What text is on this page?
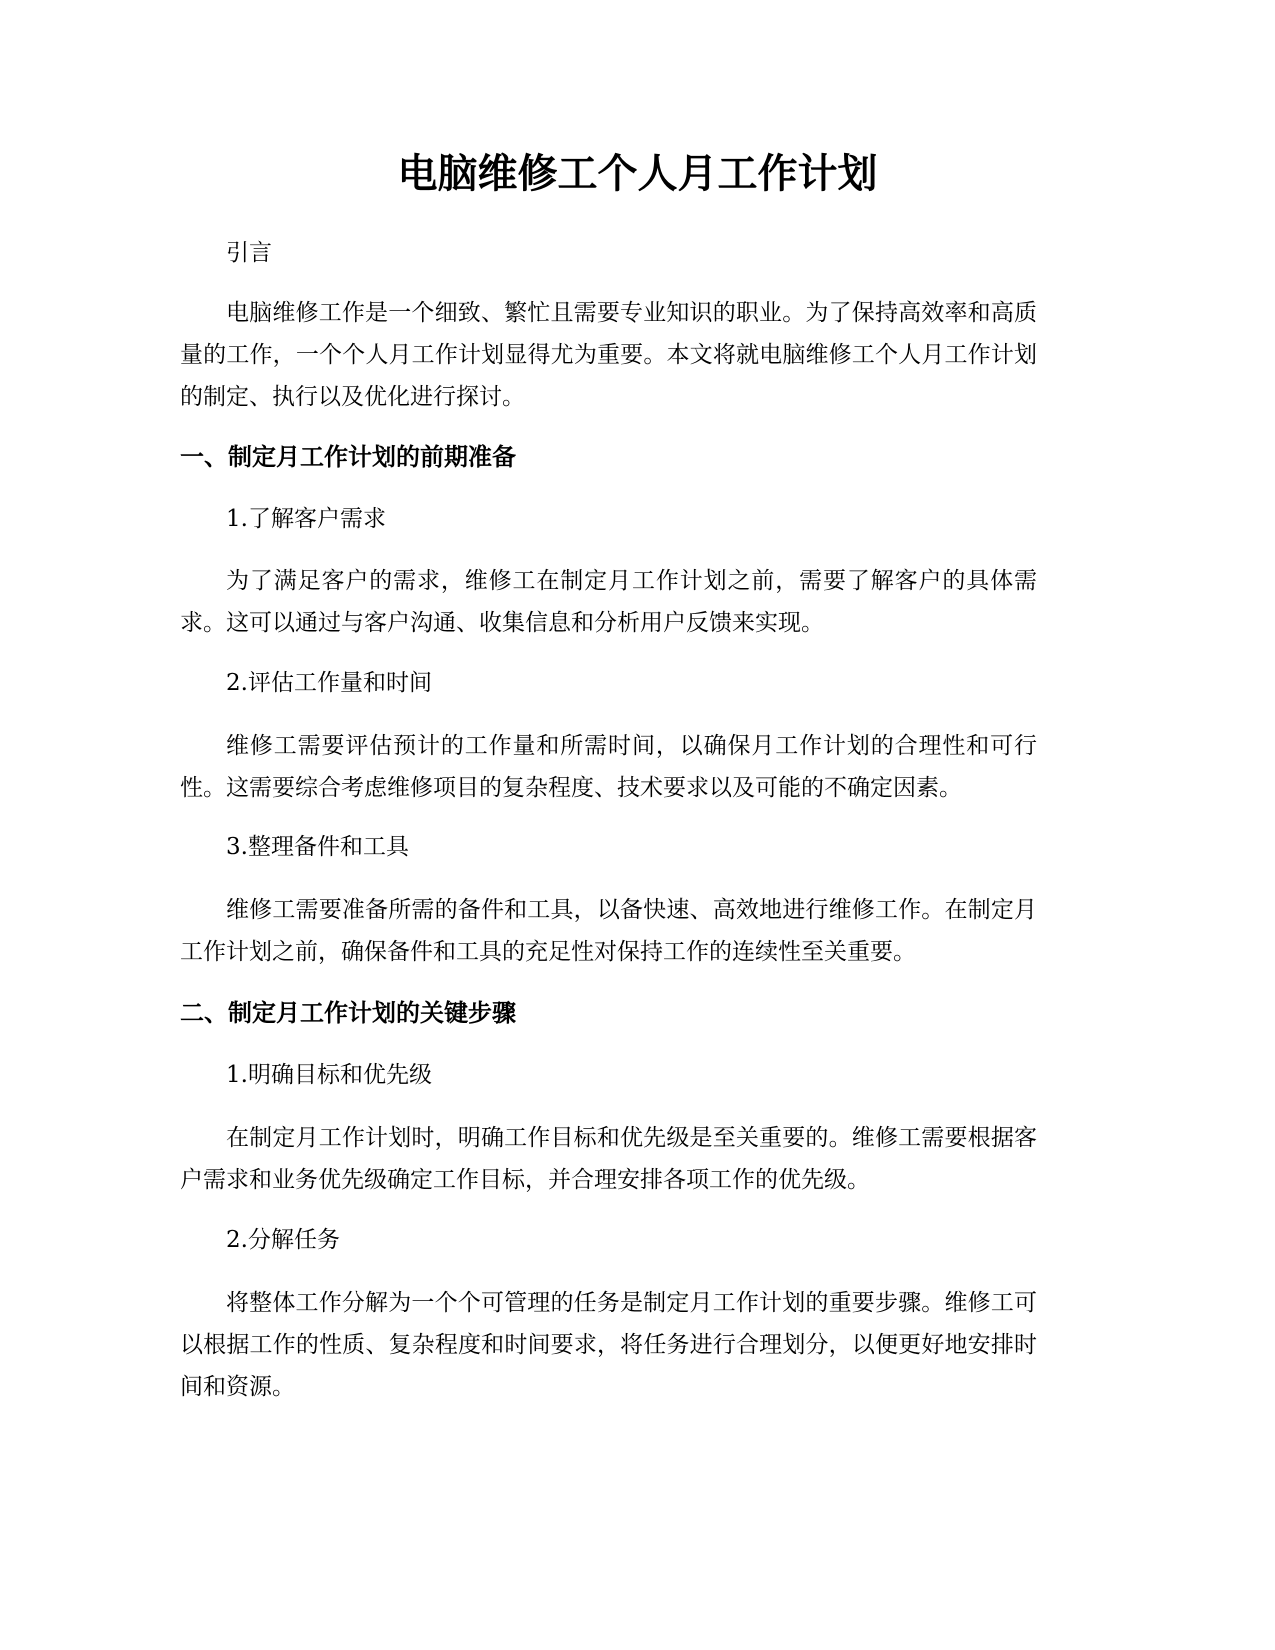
电脑维修工个人月工作计划

引言

电脑维修工作是一个细致、繁忙且需要专业知识的职业。为了保持高效率和高质量的工作，一个个人月工作计划显得尤为重要。本文将就电脑维修工个人月工作计划的制定、执行以及优化进行探讨。

一、制定月工作计划的前期准备

1.了解客户需求

为了满足客户的需求，维修工在制定月工作计划之前，需要了解客户的具体需求。这可以通过与客户沟通、收集信息和分析用户反馈来实现。

2.评估工作量和时间

维修工需要评估预计的工作量和所需时间，以确保月工作计划的合理性和可行性。这需要综合考虑维修项目的复杂程度、技术要求以及可能的不确定因素。

3.整理备件和工具

维修工需要准备所需的备件和工具，以备快速、高效地进行维修工作。在制定月工作计划之前，确保备件和工具的充足性对保持工作的连续性至关重要。

二、制定月工作计划的关键步骤

1.明确目标和优先级

在制定月工作计划时，明确工作目标和优先级是至关重要的。维修工需要根据客户需求和业务优先级确定工作目标，并合理安排各项工作的优先级。

2.分解任务

将整体工作分解为一个个可管理的任务是制定月工作计划的重要步骤。维修工可以根据工作的性质、复杂程度和时间要求，将任务进行合理划分，以便更好地安排时间和资源。
